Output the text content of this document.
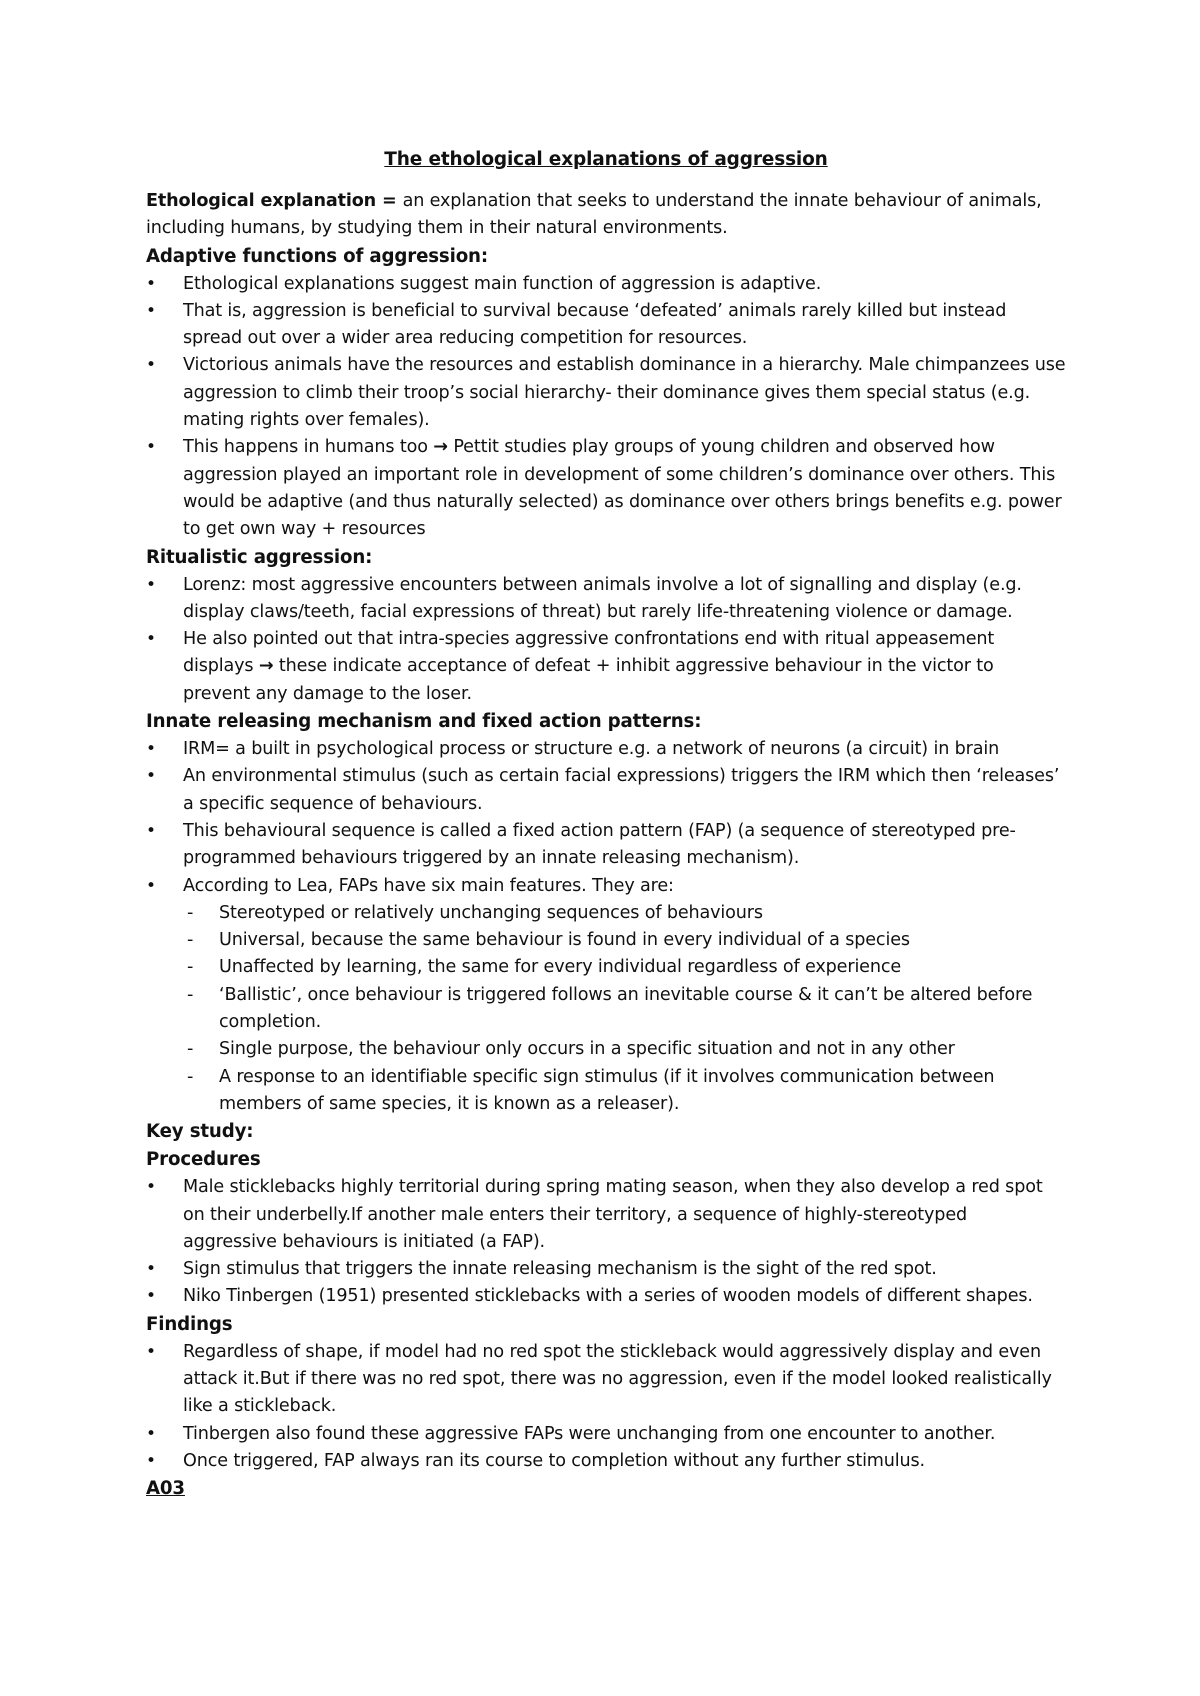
The ethological explanations of aggression

Ethological explanation = an explanation that seeks to understand the innate behaviour of animals, including humans, by studying them in their natural environments.

Adaptive functions of aggression:

• Ethological explanations suggest main function of aggression is adaptive.
• That is, aggression is beneficial to survival because ‘defeated’ animals rarely killed but instead spread out over a wider area reducing competition for resources.
• Victorious animals have the resources and establish dominance in a hierarchy. Male chimpanzees use aggression to climb their troop’s social hierarchy- their dominance gives them special status (e.g. mating rights over females).
• This happens in humans too → Pettit studies play groups of young children and observed how aggression played an important role in development of some children’s dominance over others. This would be adaptive (and thus naturally selected) as dominance over others brings benefits e.g. power to get own way + resources

Ritualistic aggression:

• Lorenz: most aggressive encounters between animals involve a lot of signalling and display (e.g. display claws/teeth, facial expressions of threat) but rarely life-threatening violence or damage.
• He also pointed out that intra-species aggressive confrontations end with ritual appeasement displays → these indicate acceptance of defeat + inhibit aggressive behaviour in the victor to prevent any damage to the loser.

Innate releasing mechanism and fixed action patterns:

• IRM= a built in psychological process or structure e.g. a network of neurons (a circuit) in brain
• An environmental stimulus (such as certain facial expressions) triggers the IRM which then ‘releases’ a specific sequence of behaviours.
• This behavioural sequence is called a fixed action pattern (FAP) (a sequence of stereotyped pre-programmed behaviours triggered by an innate releasing mechanism).
• According to Lea, FAPs have six main features. They are:
- Stereotyped or relatively unchanging sequences of behaviours
- Universal, because the same behaviour is found in every individual of a species
- Unaffected by learning, the same for every individual regardless of experience
- ‘Ballistic’, once behaviour is triggered follows an inevitable course & it can’t be altered before completion.
- Single purpose, the behaviour only occurs in a specific situation and not in any other
- A response to an identifiable specific sign stimulus (if it involves communication between members of same species, it is known as a releaser).

Key study:

Procedures

• Male sticklebacks highly territorial during spring mating season, when they also develop a red spot on their underbelly.If another male enters their territory, a sequence of highly-stereotyped aggressive behaviours is initiated (a FAP).
• Sign stimulus that triggers the innate releasing mechanism is the sight of the red spot.
• Niko Tinbergen (1951) presented sticklebacks with a series of wooden models of different shapes.

Findings

• Regardless of shape, if model had no red spot the stickleback would aggressively display and even attack it.But if there was no red spot, there was no aggression, even if the model looked realistically like a stickleback.
• Tinbergen also found these aggressive FAPs were unchanging from one encounter to another.
• Once triggered, FAP always ran its course to completion without any further stimulus.

A03
